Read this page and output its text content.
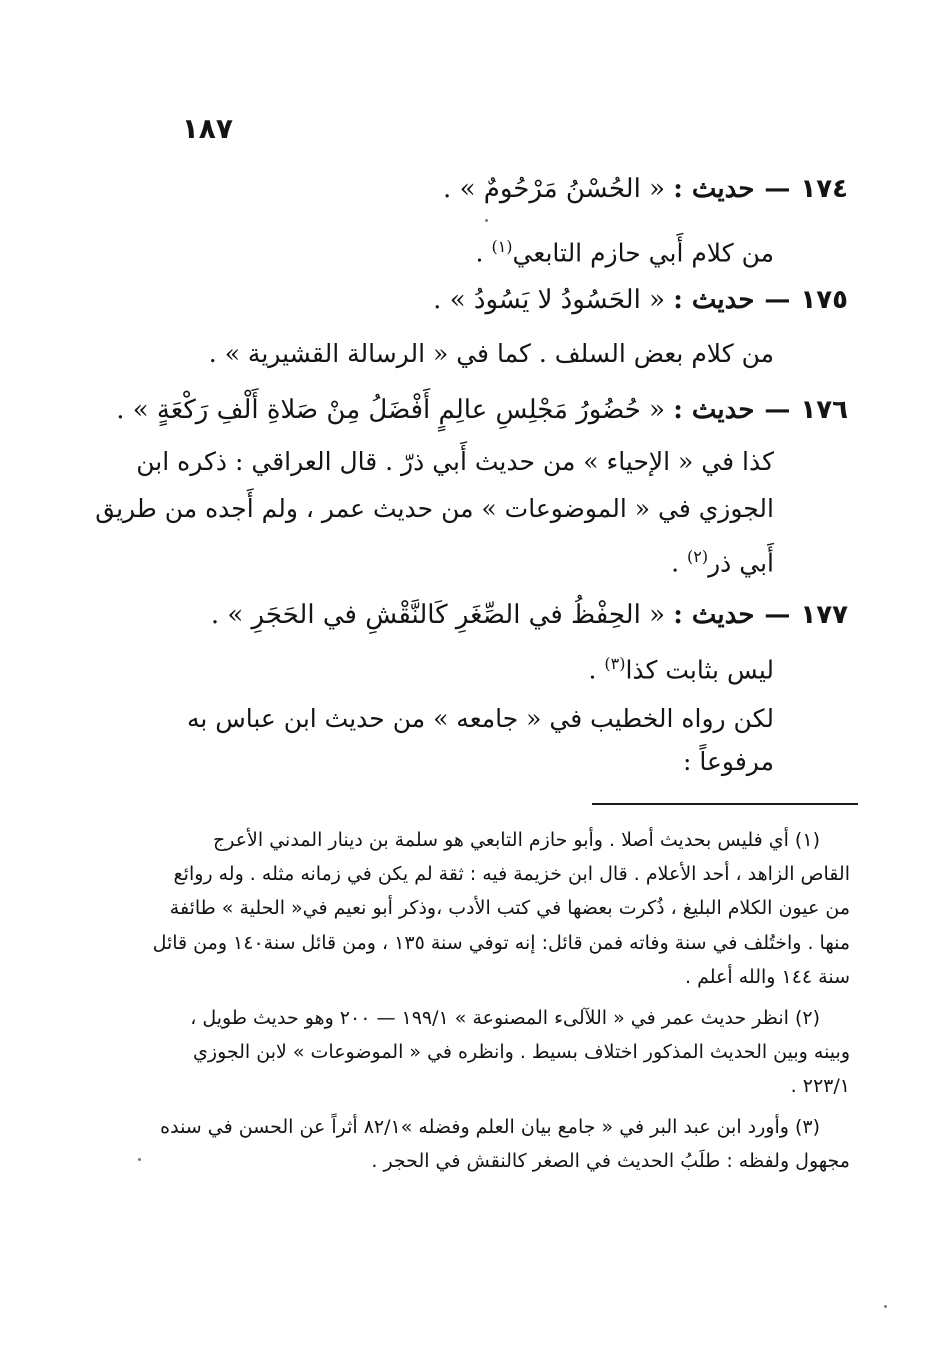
١٨٧
١٧٤—حديث : « الحُسْنُ مَرْحُومٌ » .
من كلام أَبي حازم التابعي$^{(١)}$ .
١٧٥—حديث : « الحَسُودُ لا يَسُودُ » .
من كلام بعض السلف . كما في « الرسالة القشيرية » .
١٧٦—حديث : « حُضُورُ مَجْلِسِ عالِمٍ أَفْضَلُ مِنْ صَلاةِ أَلْفِ رَكْعَةٍ » .
كذا في « الإحياء » من حديث أَبي ذرّ . قال العراقي : ذكره ابن
الجوزي في « الموضوعات » من حديث عمر ، ولم أَجده من طريق
أَبي ذر$^{(٢)}$ .
١٧٧—حديث : « الحِفْظُ في الصِّغَرِ كَالنَّقْشِ في الحَجَرِ » .
ليس بثابت كذا$^{(٣)}$ .
لكن رواه الخطيب في « جامعه » من حديث ابن عباس به
مرفوعاً :
(١) أي فليس بحديث أصلا . وأبو حازم التابعي هو سلمة بن دينار المدني الأعرج
القاص الزاهد ، أحد الأعلام . قال ابن خزيمة فيه : ثقة لم يكن في زمانه مثله . وله روائع
من عيون الكلام البليغ ، ذُكرت بعضها في كتب الأدب ،وذكر أبو نعيم في« الحلية » طائفة
منها . واختُلف في سنة وفاته فمن قائل: إنه توفي سنة ١٣٥ ، ومن قائل سنة١٤٠ ومن قائل
سنة ١٤٤ والله أعلم .
(٢) انظر حديث عمر في « اللآلىء المصنوعة » ١٩٩/١ — ٢٠٠ وهو حديث طويل ،
وبينه وبين الحديث المذكور اختلاف بسيط . وانظره في « الموضوعات » لابن الجوزي
٢٢٣/١ .
(٣) وأورد ابن عبد البر في « جامع بيان العلم وفضله »٨٢/١ أثراً عن الحسن في سنده
مجهول ولفظه : طلَبُ الحديث في الصغر كالنقش في الحجر .
